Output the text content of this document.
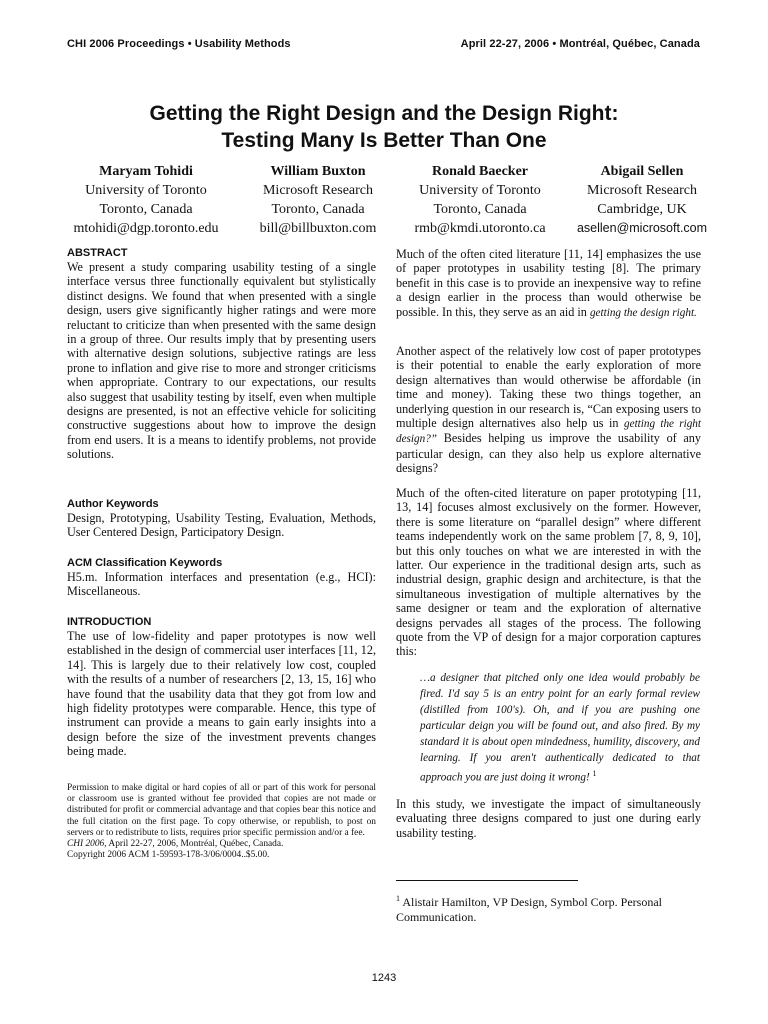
CHI 2006 Proceedings • Usability Methods	April 22-27, 2006 • Montréal, Québec, Canada
Getting the Right Design and the Design Right:
Testing Many Is Better Than One
Maryam Tohidi
University of Toronto
Toronto, Canada
mtohidi@dgp.toronto.edu
William Buxton
Microsoft Research
Toronto, Canada
bill@billbuxton.com
Ronald Baecker
University of Toronto
Toronto, Canada
rmb@kmdi.utoronto.ca
Abigail Sellen
Microsoft Research
Cambridge, UK
asellen@microsoft.com
ABSTRACT

We present a study comparing usability testing of a single interface versus three functionally equivalent but stylistically distinct designs. We found that when presented with a single design, users give significantly higher ratings and were more reluctant to criticize than when presented with the same design in a group of three. Our results imply that by presenting users with alternative design solutions, subjective ratings are less prone to inflation and give rise to more and stronger criticisms when appropriate. Contrary to our expectations, our results also suggest that usability testing by itself, even when multiple designs are presented, is not an effective vehicle for soliciting constructive suggestions about how to improve the design from end users. It is a means to identify problems, not provide solutions.

Author Keywords

Design, Prototyping, Usability Testing, Evaluation, Methods, User Centered Design, Participatory Design.

ACM Classification Keywords

H5.m. Information interfaces and presentation (e.g., HCI): Miscellaneous.

INTRODUCTION

The use of low-fidelity and paper prototypes is now well established in the design of commercial user interfaces [11, 12, 14]. This is largely due to their relatively low cost, coupled with the results of a number of researchers [2, 13, 15, 16] who have found that the usability data that they got from low and high fidelity prototypes were comparable. Hence, this type of instrument can provide a means to gain early insights into a design before the size of the investment prevents changes being made.

Permission to make digital or hard copies of all or part of this work for personal or classroom use is granted without fee provided that copies are not made or distributed for profit or commercial advantage and that copies bear this notice and the full citation on the first page. To copy otherwise, or republish, to post on servers or to redistribute to lists, requires prior specific permission and/or a fee.

CHI 2006, April 22-27, 2006, Montréal, Québec, Canada.
Copyright 2006 ACM 1-59593-178-3/06/0004..$5.00.

Much of the often cited literature [11, 14] emphasizes the use of paper prototypes in usability testing [8]. The primary benefit in this case is to provide an inexpensive way to refine a design earlier in the process than would otherwise be possible. In this, they serve as an aid in getting the design right.

Another aspect of the relatively low cost of paper prototypes is their potential to enable the early exploration of more design alternatives than would otherwise be affordable (in time and money). Taking these two things together, an underlying question in our research is, “Can exposing users to multiple design alternatives also help us in getting the right design?” Besides helping us improve the usability of any particular design, can they also help us explore alternative designs?

Much of the often-cited literature on paper prototyping [11, 13, 14] focuses almost exclusively on the former. However, there is some literature on “parallel design” where different teams independently work on the same problem [7, 8, 9, 10], but this only touches on what we are interested in with the latter. Our experience in the traditional design arts, such as industrial design, graphic design and architecture, is that the simultaneous investigation of multiple alternatives by the same designer or team and the exploration of alternative designs pervades all stages of the process. The following quote from the VP of design for a major corporation captures this:

…a designer that pitched only one idea would probably be fired. I'd say 5 is an entry point for an early formal review (distilled from 100's). Oh, and if you are pushing one particular deign you will be found out, and also fired. By my standard it is about open mindedness, humility, discovery, and learning. If you aren't authentically dedicated to that approach you are just doing it wrong! $^1$

In this study, we investigate the impact of simultaneously evaluating three designs compared to just one during early usability testing.

$^1$ Alistair Hamilton, VP Design, Symbol Corp. Personal Communication.
1243
